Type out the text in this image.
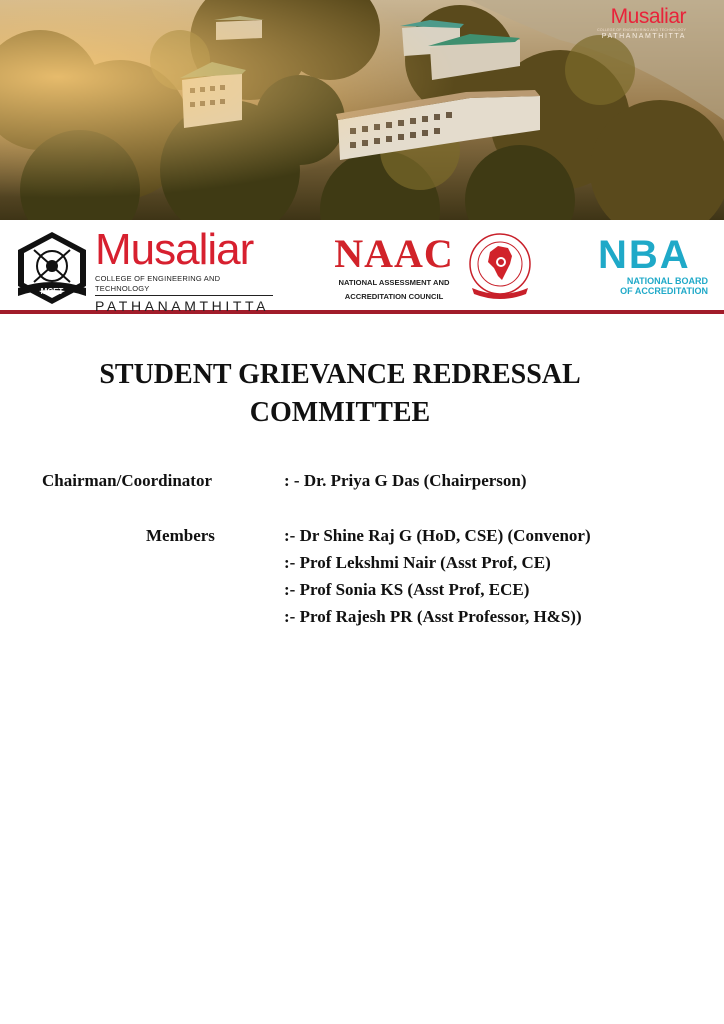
Musaliar
COLLEGE OF ENGINEERING AND TECHNOLOGY
PATHANAMTHITTA
MCET
Musaliar
COLLEGE OF ENGINEERING AND TECHNOLOGY
PATHANAMTHITTA
NAAC
NATIONAL ASSESSMENT AND
ACCREDITATION COUNCIL
NBA
NATIONAL BOARD
OF ACCREDITATION
STUDENT GRIEVANCE REDRESSAL
COMMITTEE
Chairman/Coordinator	: - Dr. Priya G Das (Chairperson)
Members	:- Dr Shine Raj G (HoD, CSE) (Convenor)
:- Prof Lekshmi Nair (Asst Prof, CE)
:- Prof Sonia KS (Asst Prof, ECE)
:- Prof Rajesh PR (Asst Professor, H&S))
